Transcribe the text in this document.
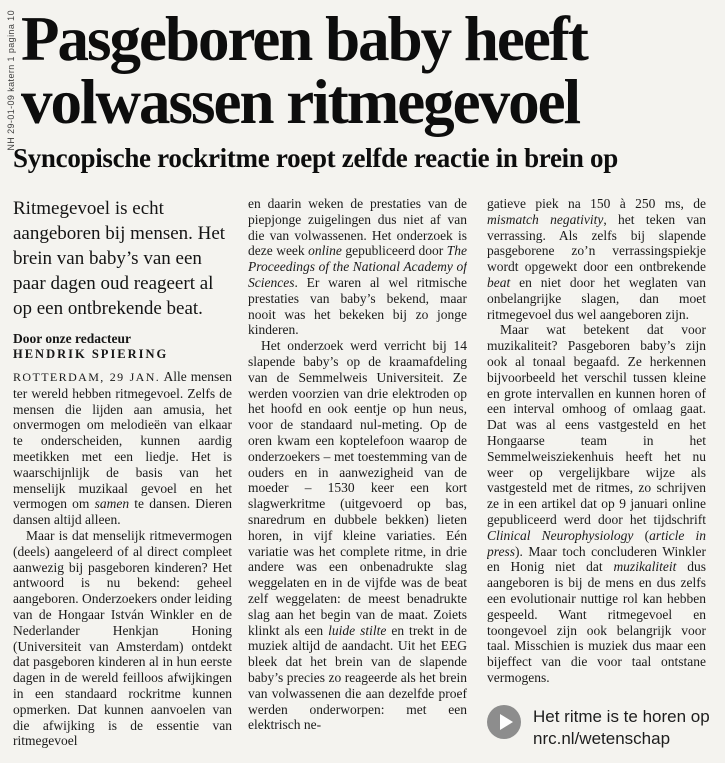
NH 29-01-09 katern 1 pagina 10 Pasgeboren baby heeft
volwassen ritmegevoel
Syncopische rockritme roept zelfde reactie in brein op

Ritmegevoel is echt aangeboren bij mensen. Het brein van baby’s van een paar dagen oud reageert al op een ontbrekende beat.

Door onze redacteur

HENDRIK SPIERING

ROTTERDAM, 29 JAN. Alle mensen ter wereld hebben ritmegevoel. Zelfs de mensen die lijden aan amusia, het onvermogen om melodieën van elkaar te onderscheiden, kunnen aardig meetikken met een liedje. Het is waarschijnlijk de basis van het menselijk muzikaal gevoel en het vermogen om samen te dansen. Dieren dansen altijd alleen.

Maar is dat menselijk ritmevermogen (deels) aangeleerd of al direct compleet aanwezig bij pasgeboren kinderen? Het antwoord is nu bekend: geheel aangeboren. Onderzoekers onder leiding van de Hongaar István Winkler en de Nederlander Henkjan Honing (Universiteit van Amsterdam) ontdekt dat pasgeboren kinderen al in hun eerste dagen in de wereld feilloos afwijkingen in een standaard rockritme kunnen opmerken. Dat kunnen aanvoelen van die afwijking is de essentie van ritmegevoel

en daarin weken de prestaties van de piepjonge zuigelingen dus niet af van die van volwassenen. Het onderzoek is deze week online gepubliceerd door The Proceedings of the National Academy of Sciences. Er waren al wel ritmische prestaties van baby’s bekend, maar nooit was het bekeken bij zo jonge kinderen.

Het onderzoek werd verricht bij 14 slapende baby’s op de kraamafdeling van de Semmelweis Universiteit. Ze werden voorzien van drie elektroden op het hoofd en ook eentje op hun neus, voor de standaard nul-meting. Op de oren kwam een koptelefoon waarop de onderzoekers – met toestemming van de ouders en in aanwezigheid van de moeder – 1530 keer een kort slagwerkritme (uitgevoerd op bas, snaredrum en dubbele bekken) lieten horen, in vijf kleine variaties. Eén variatie was het complete ritme, in drie andere was een onbenadrukte slag weggelaten en in de vijfde was de beat zelf weggelaten: de meest benadrukte slag aan het begin van de maat. Zoiets klinkt als een luide stilte en trekt in de muziek altijd de aandacht. Uit het EEG bleek dat het brein van de slapende baby’s precies zo reageerde als het brein van volwassenen die aan dezelfde proef werden onderworpen: met een elektrisch ne-

gatieve piek na 150 à 250 ms, de mismatch negativity, het teken van verrassing. Als zelfs bij slapende pasgeborene zo’n verrassingspiekje wordt opgewekt door een ontbrekende beat en niet door het weglaten van onbelangrijke slagen, dan moet ritmegevoel dus wel aangeboren zijn.

Maar wat betekent dat voor muzikaliteit? Pasgeboren baby’s zijn ook al tonaal begaafd. Ze herkennen bijvoorbeeld het verschil tussen kleine en grote intervallen en kunnen horen of een interval omhoog of omlaag gaat. Dat was al eens vastgesteld en het Hongaarse team in het Semmelweisziekenhuis heeft het nu weer op vergelijkbare wijze als vastgesteld met de ritmes, zo schrijven ze in een artikel dat op 9 januari online gepubliceerd werd door het tijdschrift Clinical Neurophysiology (article in press). Maar toch concluderen Winkler en Honig niet dat muzikaliteit dus aangeboren is bij de mens en dus zelfs een evolutionair nuttige rol kan hebben gespeeld. Want ritmegevoel en toongevoel zijn ook belangrijk voor taal. Misschien is muziek dus maar een bijeffect van die voor taal ontstane vermogens.

Het ritme is te horen op
nrc.nl/wetenschap
